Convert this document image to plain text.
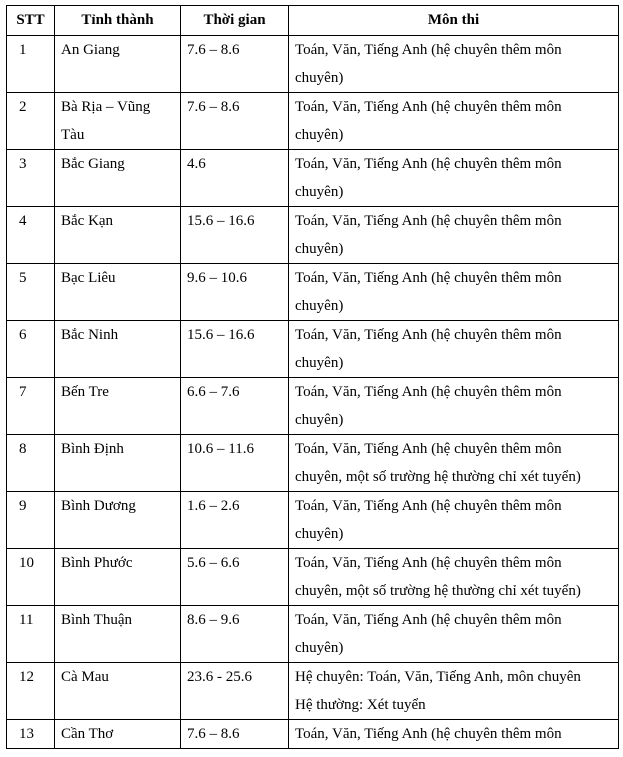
STT	Tỉnh thành	Thời gian	Môn thi
1	An Giang	7.6 – 8.6	Toán, Văn, Tiếng Anh (hệ chuyên thêm môn
chuyên)

2	Bà Rịa – Vũng
Tàu	7.6 – 8.6	Toán, Văn, Tiếng Anh (hệ chuyên thêm môn
chuyên)

3	Bắc Giang	4.6	Toán, Văn, Tiếng Anh (hệ chuyên thêm môn
chuyên)

4	Bắc Kạn	15.6 – 16.6	Toán, Văn, Tiếng Anh (hệ chuyên thêm môn
chuyên)

5	Bạc Liêu	9.6 – 10.6	Toán, Văn, Tiếng Anh (hệ chuyên thêm môn
chuyên)

6	Bắc Ninh	15.6 – 16.6	Toán, Văn, Tiếng Anh (hệ chuyên thêm môn
chuyên)

7	Bến Tre	6.6 – 7.6	Toán, Văn, Tiếng Anh (hệ chuyên thêm môn
chuyên)

8	Bình Định	10.6 – 11.6	Toán, Văn, Tiếng Anh (hệ chuyên thêm môn
chuyên, một số trường hệ thường chỉ xét tuyển)

9	Bình Dương	1.6 – 2.6	Toán, Văn, Tiếng Anh (hệ chuyên thêm môn
chuyên)

10	Bình Phước	5.6 – 6.6	Toán, Văn, Tiếng Anh (hệ chuyên thêm môn
chuyên, một số trường hệ thường chỉ xét tuyển)

11	Bình Thuận	8.6 – 9.6	Toán, Văn, Tiếng Anh (hệ chuyên thêm môn
chuyên)

12	Cà Mau	23.6 - 25.6	Hệ chuyên: Toán, Văn, Tiếng Anh, môn chuyên
Hệ thường: Xét tuyển

13	Cần Thơ	7.6 – 8.6	Toán, Văn, Tiếng Anh (hệ chuyên thêm môn
